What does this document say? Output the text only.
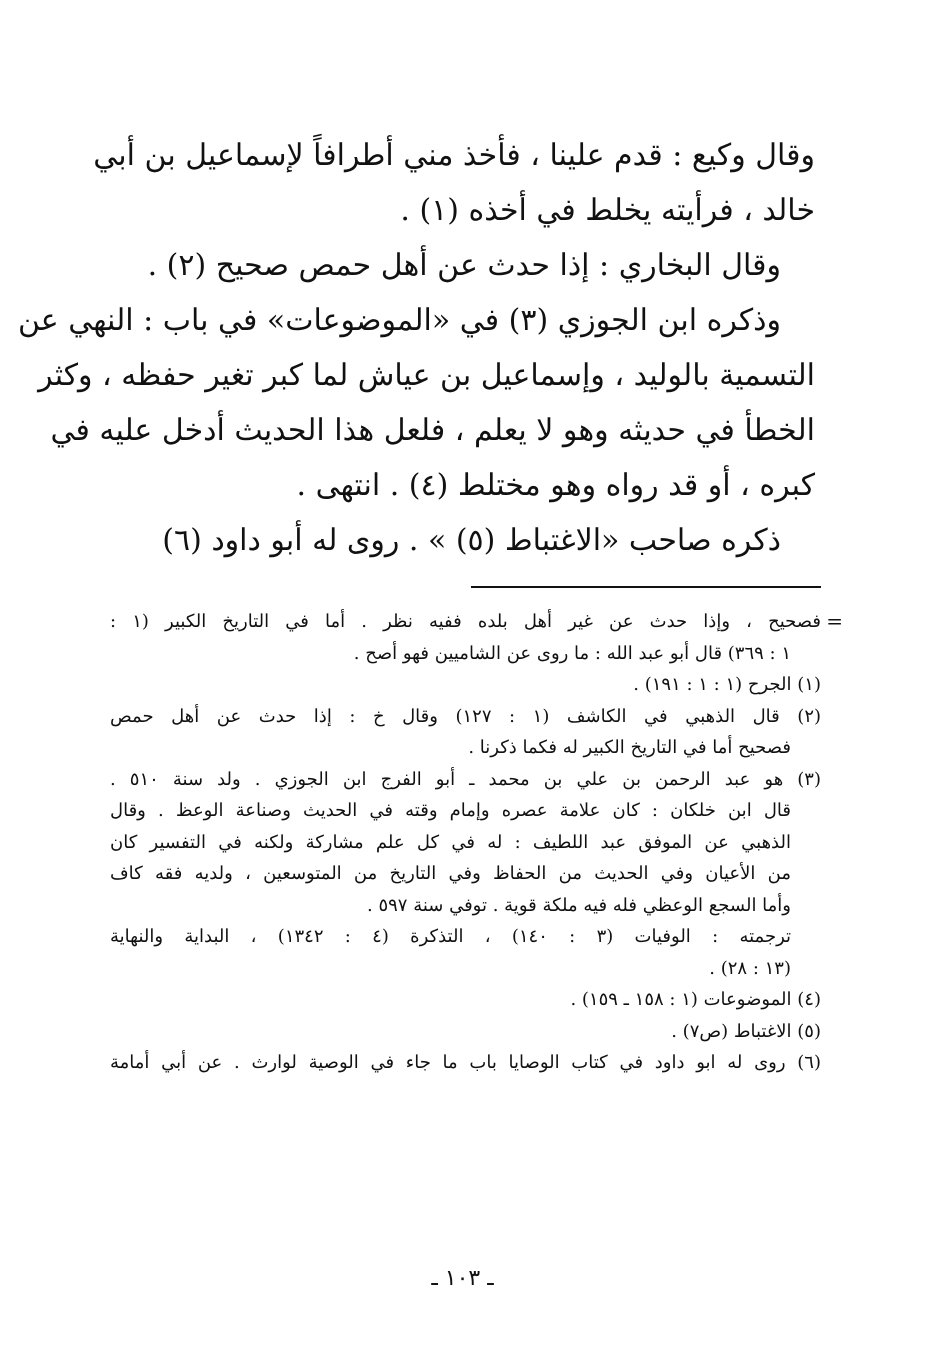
وقال وكيع : قدم علينا ، فأخذ مني أطرافاً لإسماعيل بن أبي
خالد ، فرأيته يخلط في أخذه (١) .
وقال البخاري : إذا حدث عن أهل حمص صحيح (٢) .
وذكره ابن الجوزي (٣) في «الموضوعات» في باب : النهي عن
التسمية بالوليد ، وإسماعيل بن عياش لما كبر تغير حفظه ، وكثر
الخطأ في حديثه وهو لا يعلم ، فلعل هذا الحديث أدخل عليه في
كبره ، أو قد رواه وهو مختلط (٤) . انتهى .
ذكره صاحب «الاغتباط (٥) » . روى له أبو داود (٦)
=
فصحيح ، وإذا حدث عن غير أهل بلده ففيه نظر . أما في التاريخ الكبير (١ :
١ : ٣٦٩) قال أبو عبد الله : ما روى عن الشاميين فهو أصح .
(١) الجرح (١ : ١ : ١٩١) .
(٢) قال الذهبي في الكاشف (١ : ١٢٧) وقال خ : إذا حدث عن أهل حمص
فصحيح أما في التاريخ الكبير له فكما ذكرنا .
(٣) هو عبد الرحمن بن علي بن محمد ـ أبو الفرج ابن الجوزي . ولد سنة ٥١٠ .
قال ابن خلكان : كان علامة عصره وإمام وقته في الحديث وصناعة الوعظ . وقال
الذهبي عن الموفق عبد اللطيف : له في كل علم مشاركة ولكنه في التفسير كان
من الأعيان وفي الحديث من الحفاظ وفي التاريخ من المتوسعين ، ولديه فقه كاف
وأما السجع الوعظي فله فيه ملكة قوية . توفي سنة ٥٩٧ .
ترجمته : الوفيات (٣ : ١٤٠) ، التذكرة (٤ : ١٣٤٢) ، البداية والنهاية
(١٣ : ٢٨) .
(٤) الموضوعات (١ : ١٥٨ ـ ١٥٩) .
(٥) الاغتباط (ص٧) .
(٦) روى له ابو داود في كتاب الوصايا باب ما جاء في الوصية لوارث . عن أبي أمامة
ـ ١٠٣ ـ
